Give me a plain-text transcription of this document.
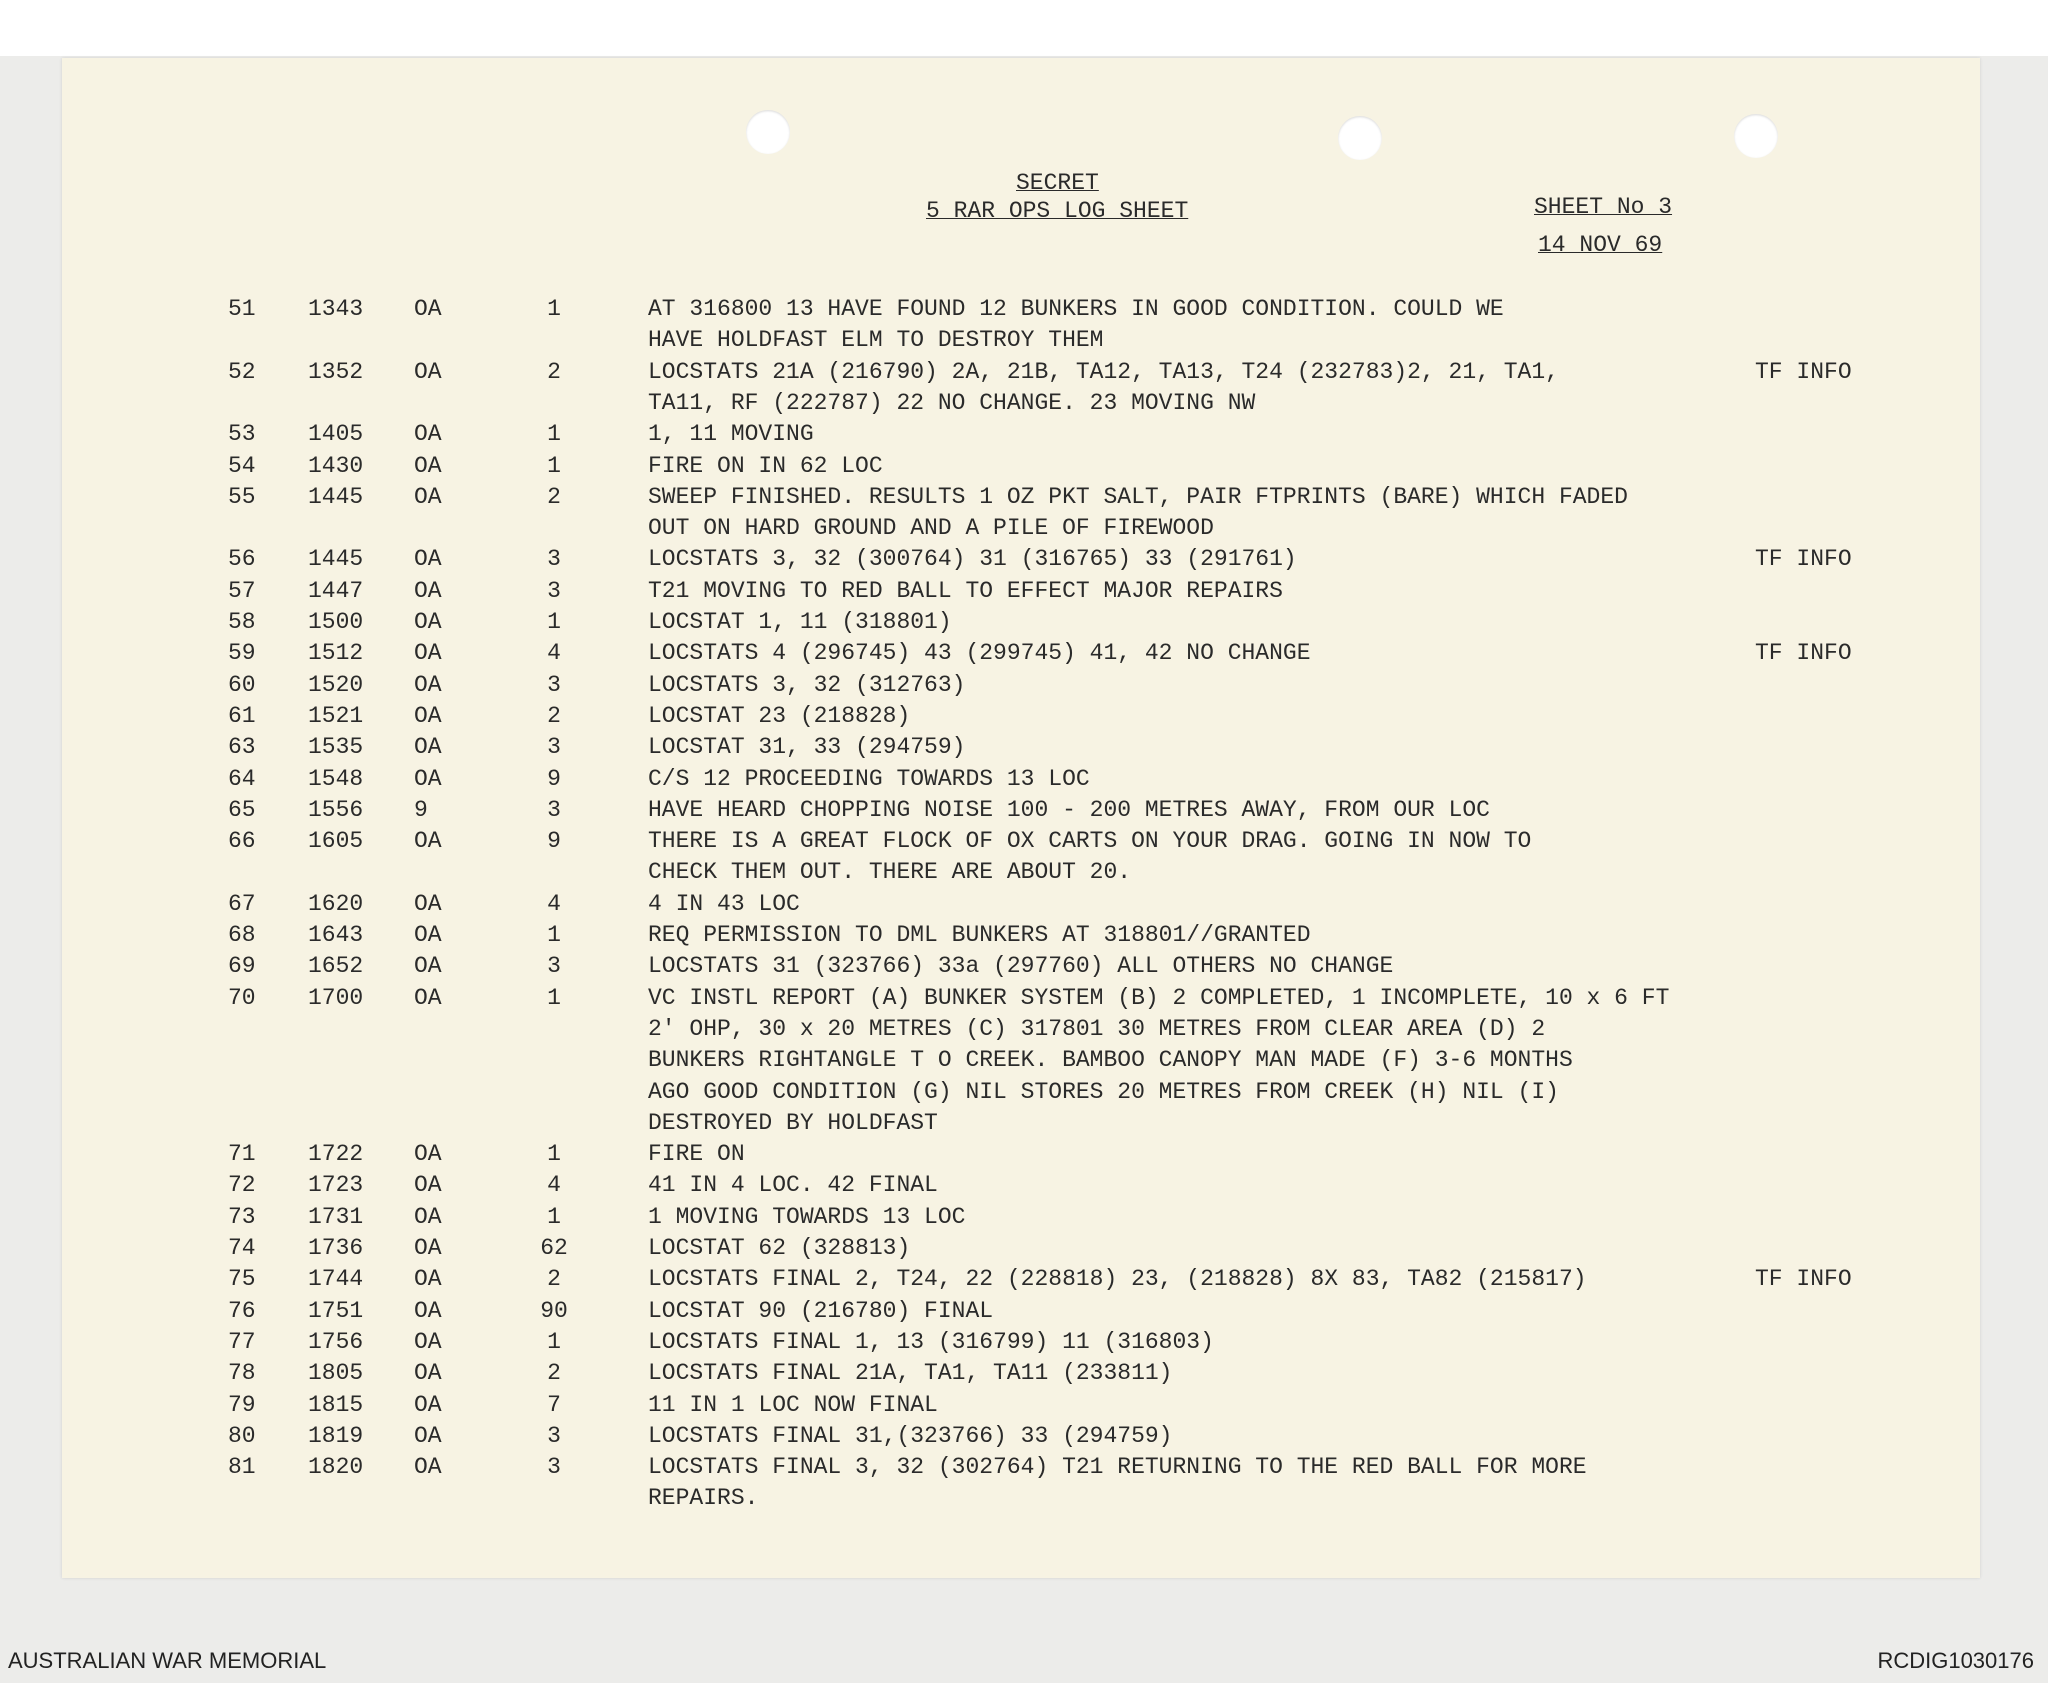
SECRET
5 RAR OPS LOG SHEET	SHEET No 3
14 NOV 69
51 1343 OA	1	AT 316800 13 HAVE FOUND 12 BUNKERS IN GOOD CONDITION. COULD WE
HAVE HOLDFAST ELM TO DESTROY THEM
52 1352 OA	2	LOCSTATS 21A (216790) 2A, 21B, TA12, TA13, T24 (232783)2, 21, TA1,	TF INFO
TA11, RF (222787) 22 NO CHANGE. 23 MOVING NW
53 1405 OA	1	1, 11 MOVING
54 1430 OA	1	FIRE ON IN 62 LOC
55 1445 OA	2	SWEEP FINISHED. RESULTS 1 OZ PKT SALT, PAIR FTPRINTS (BARE) WHICH FADED
OUT ON HARD GROUND AND A PILE OF FIREWOOD
56 1445 OA	3	LOCSTATS 3, 32 (300764) 31 (316765) 33 (291761)	TF INFO
57 1447 OA	3	T21 MOVING TO RED BALL TO EFFECT MAJOR REPAIRS
58 1500 OA	1	LOCSTAT 1, 11 (318801)
59 1512 OA	4	LOCSTATS 4 (296745) 43 (299745) 41, 42 NO CHANGE	TF INFO
60 1520 OA	3	LOCSTATS 3, 32 (312763)
61 1521 OA	2	LOCSTAT 23 (218828)
63 1535 OA	3	LOCSTAT 31, 33 (294759)
64 1548 OA	9	C/S 12 PROCEEDING TOWARDS 13 LOC
65 1556 9	3	HAVE HEARD CHOPPING NOISE 100 - 200 METRES AWAY, FROM OUR LOC
66 1605 OA	9	THERE IS A GREAT FLOCK OF OX CARTS ON YOUR DRAG. GOING IN NOW TO
CHECK THEM OUT. THERE ARE ABOUT 20.
67 1620 OA	4	4 IN 43 LOC
68 1643 OA	1	REQ PERMISSION TO DML BUNKERS AT 318801//GRANTED
69 1652 OA	3	LOCSTATS 31 (323766) 33a (297760) ALL OTHERS NO CHANGE
70 1700 OA	1	VC INSTL REPORT (A) BUNKER SYSTEM (B) 2 COMPLETED, 1 INCOMPLETE, 10 x 6 FT
2' OHP, 30 x 20 METRES (C) 317801 30 METRES FROM CLEAR AREA (D) 2
BUNKERS RIGHTANGLE T O CREEK. BAMBOO CANOPY MAN MADE (F) 3-6 MONTHS
AGO GOOD CONDITION (G) NIL STORES 20 METRES FROM CREEK (H) NIL (I)
DESTROYED BY HOLDFAST
71 1722 OA	1	FIRE ON
72 1723 OA	4	41 IN 4 LOC. 42 FINAL
73 1731 OA	1	1 MOVING TOWARDS 13 LOC
74 1736 OA	62	LOCSTAT 62 (328813)
75 1744 OA	2	LOCSTATS FINAL 2, T24, 22 (228818) 23, (218828) 8X 83, TA82 (215817)	TF INFO
76 1751 OA	90	LOCSTAT 90 (216780) FINAL
77 1756 OA	1	LOCSTATS FINAL 1, 13 (316799) 11 (316803)
78 1805 OA	2	LOCSTATS FINAL 21A, TA1, TA11 (233811)
79 1815 OA	7	11 IN 1 LOC NOW FINAL
80 1819 OA	3	LOCSTATS FINAL 31,(323766) 33 (294759)
81 1820 OA	3	LOCSTATS FINAL 3, 32 (302764) T21 RETURNING TO THE RED BALL FOR MORE
REPAIRS.
AUSTRALIAN WAR MEMORIAL	RCDIG1030176
